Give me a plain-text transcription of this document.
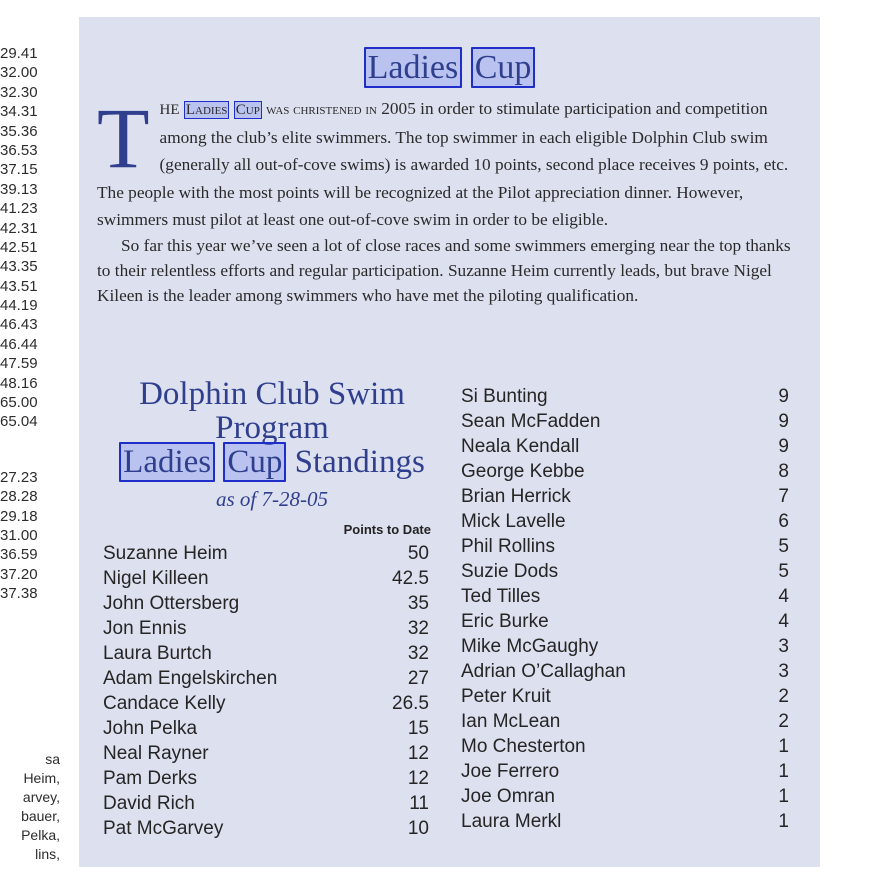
29.41
32.00
32.30
34.31
35.36
36.53
37.15
39.13
41.23
42.31
42.51
43.35
43.51
44.19
46.43
46.44
47.59
48.16
65.00
65.04
27.23
28.28
29.18
31.00
36.59
37.20
37.38
sa
Heim,
arvey,
bauer,
Pelka,
lins,
Ladies Cup

T HE Ladies Cup was christened in 2005 in order to stimulate participation and competition among the club’s elite swimmers. The top swimmer in each eligible Dolphin Club swim (generally all out-of-cove swims) is awarded 10 points, second place receives 9 points, etc. The people with the most points will be recognized at the Pilot appreciation dinner. However, swimmers must pilot at least one out-of-cove swim in order to be eligible.

So far this year we’ve seen a lot of close races and some swimmers emerging near the top thanks to their relentless efforts and regular participation. Suzanne Heim currently leads, but brave Nigel Kileen is the leader among swimmers who have met the piloting qualification.

Dolphin Club Swim
Program
Ladies Cup Standings
as of 7-28-05
Points to Date
Suzanne Heim	50
Nigel Killeen	42.5
John Ottersberg	35
Jon Ennis	32
Laura Burtch	32
Adam Engelskirchen	27
Candace Kelly	26.5
John Pelka	15
Neal Rayner	12
Pam Derks	12
David Rich	11
Pat McGarvey	10
Si Bunting	9
Sean McFadden	9
Neala Kendall	9
George Kebbe	8
Brian Herrick	7
Mick Lavelle	6
Phil Rollins	5
Suzie Dods	5
Ted Tilles	4
Eric Burke	4
Mike McGaughy	3
Adrian O’Callaghan	3
Peter Kruit	2
Ian McLean	2
Mo Chesterton	1
Joe Ferrero	1
Joe Omran	1
Laura Merkl	1
